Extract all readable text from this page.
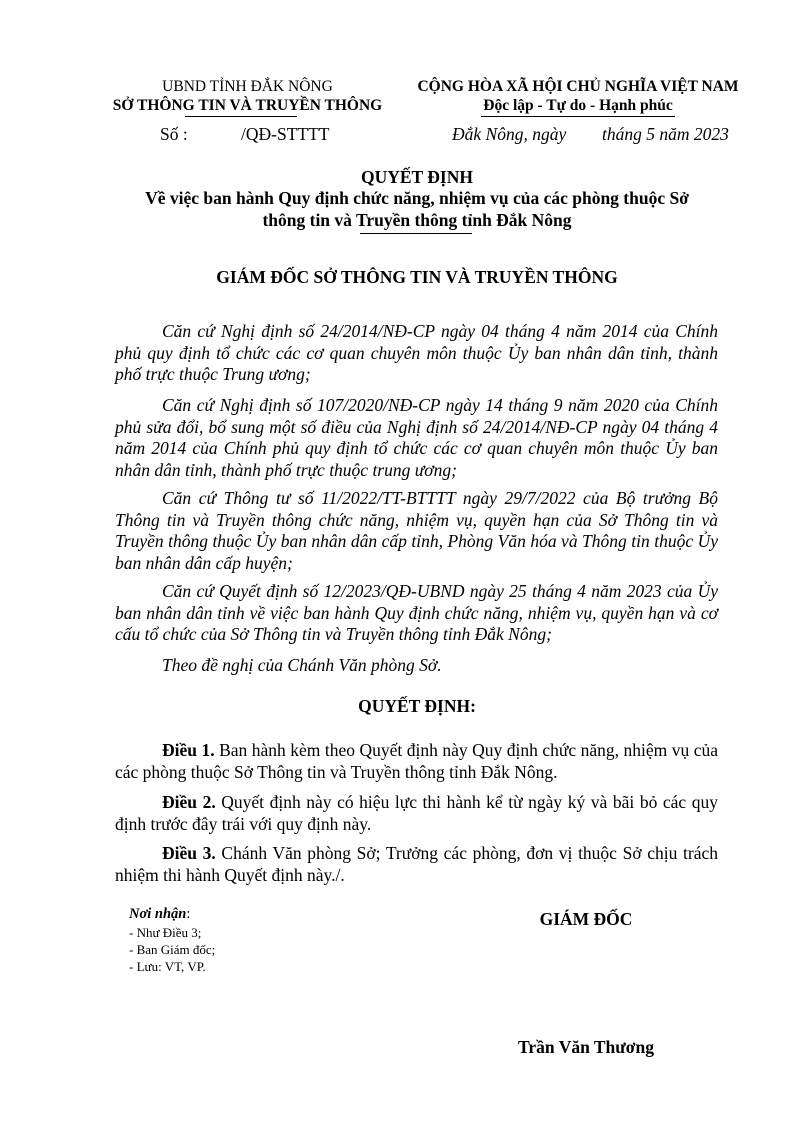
UBND TỈNH ĐẮK NÔNG
SỞ THÔNG TIN VÀ TRUYỀN THÔNG
CỘNG HÒA XÃ HỘI CHỦ NGHĨA VIỆT NAM
Độc lập - Tự do - Hạnh phúc
Số :	/QĐ-STTTT	Đắk Nông, ngày tháng 5 năm 2023
QUYẾT ĐỊNH
Về việc ban hành Quy định chức năng, nhiệm vụ của các phòng thuộc Sở
thông tin và Truyền thông tỉnh Đắk Nông
GIÁM ĐỐC SỞ THÔNG TIN VÀ TRUYỀN THÔNG

Căn cứ Nghị định số 24/2014/NĐ-CP ngày 04 tháng 4 năm 2014 của Chính phủ quy định tổ chức các cơ quan chuyên môn thuộc Ủy ban nhân dân tỉnh, thành phố trực thuộc Trung ương;

Căn cứ Nghị định số 107/2020/NĐ-CP ngày 14 tháng 9 năm 2020 của Chính phủ sửa đổi, bổ sung một số điều của Nghị định số 24/2014/NĐ-CP ngày 04 tháng 4 năm 2014 của Chính phủ quy định tổ chức các cơ quan chuyên môn thuộc Ủy ban nhân dân tỉnh, thành phố trực thuộc trung ương;

Căn cứ Thông tư số 11/2022/TT-BTTTT ngày 29/7/2022 của Bộ trưởng Bộ Thông tin và Truyền thông chức năng, nhiệm vụ, quyền hạn của Sở Thông tin và Truyền thông thuộc Ủy ban nhân dân cấp tỉnh, Phòng Văn hóa và Thông tin thuộc Ủy ban nhân dân cấp huyện;

Căn cứ Quyết định số 12/2023/QĐ-UBND ngày 25 tháng 4 năm 2023 của Ủy ban nhân dân tỉnh về việc ban hành Quy định chức năng, nhiệm vụ, quyền hạn và cơ cấu tổ chức của Sở Thông tin và Truyền thông tỉnh Đắk Nông;

Theo đề nghị của Chánh Văn phòng Sở.

QUYẾT ĐỊNH:

Điều 1. Ban hành kèm theo Quyết định này Quy định chức năng, nhiệm vụ của các phòng thuộc Sở Thông tin và Truyền thông tỉnh Đắk Nông.

Điều 2. Quyết định này có hiệu lực thi hành kể từ ngày ký và bãi bỏ các quy định trước đây trái với quy định này.

Điều 3. Chánh Văn phòng Sở; Trưởng các phòng, đơn vị thuộc Sở chịu trách nhiệm thi hành Quyết định này./.

Nơi nhận:
- Như Điều 3;
- Ban Giám đốc;
- Lưu: VT, VP.
GIÁM ĐỐC
Trần Văn Thương
